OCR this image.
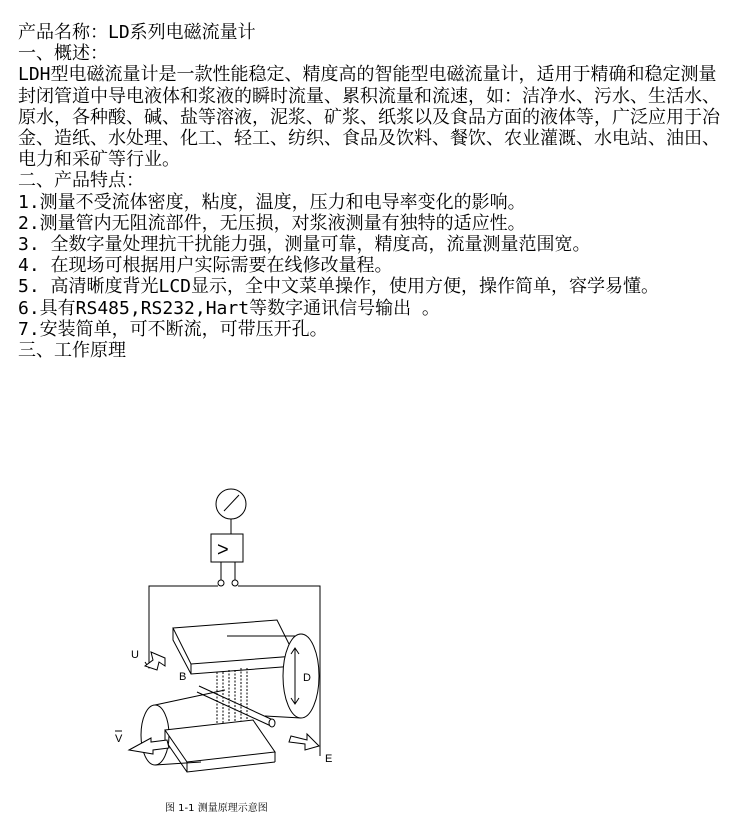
产品名称：LD系列电磁流量计

一、概述：

LDH型电磁流量计是一款性能稳定、精度高的智能型电磁流量计，适用于精确和稳定测量封闭管道中导电液体和浆液的瞬时流量、累积流量和流速，如：洁净水、污水、生活水、原水，各种酸、碱、盐等溶液，泥浆、矿浆、纸浆以及食品方面的液体等，广泛应用于冶金、造纸、水处理、化工、轻工、纺织、食品及饮料、餐饮、农业灌溉、水电站、油田、电力和采矿等行业。

二、产品特点：

1.测量不受流体密度，粘度，温度，压力和电导率变化的影响。

2.测量管内无阻流部件，无压损，对浆液测量有独特的适应性。

3. 全数字量处理抗干扰能力强，测量可靠，精度高，流量测量范围宽。

4. 在现场可根据用户实际需要在线修改量程。

5. 高清晰度背光LCD显示，全中文菜单操作，使用方便，操作简单，容学易懂。

6.具有RS485,RS232,Hart等数字通讯信号输出 。

7.安装简单，可不断流，可带压开孔。

三、工作原理

>
U
B	D
V
E
图 1-1 测量原理示意图
